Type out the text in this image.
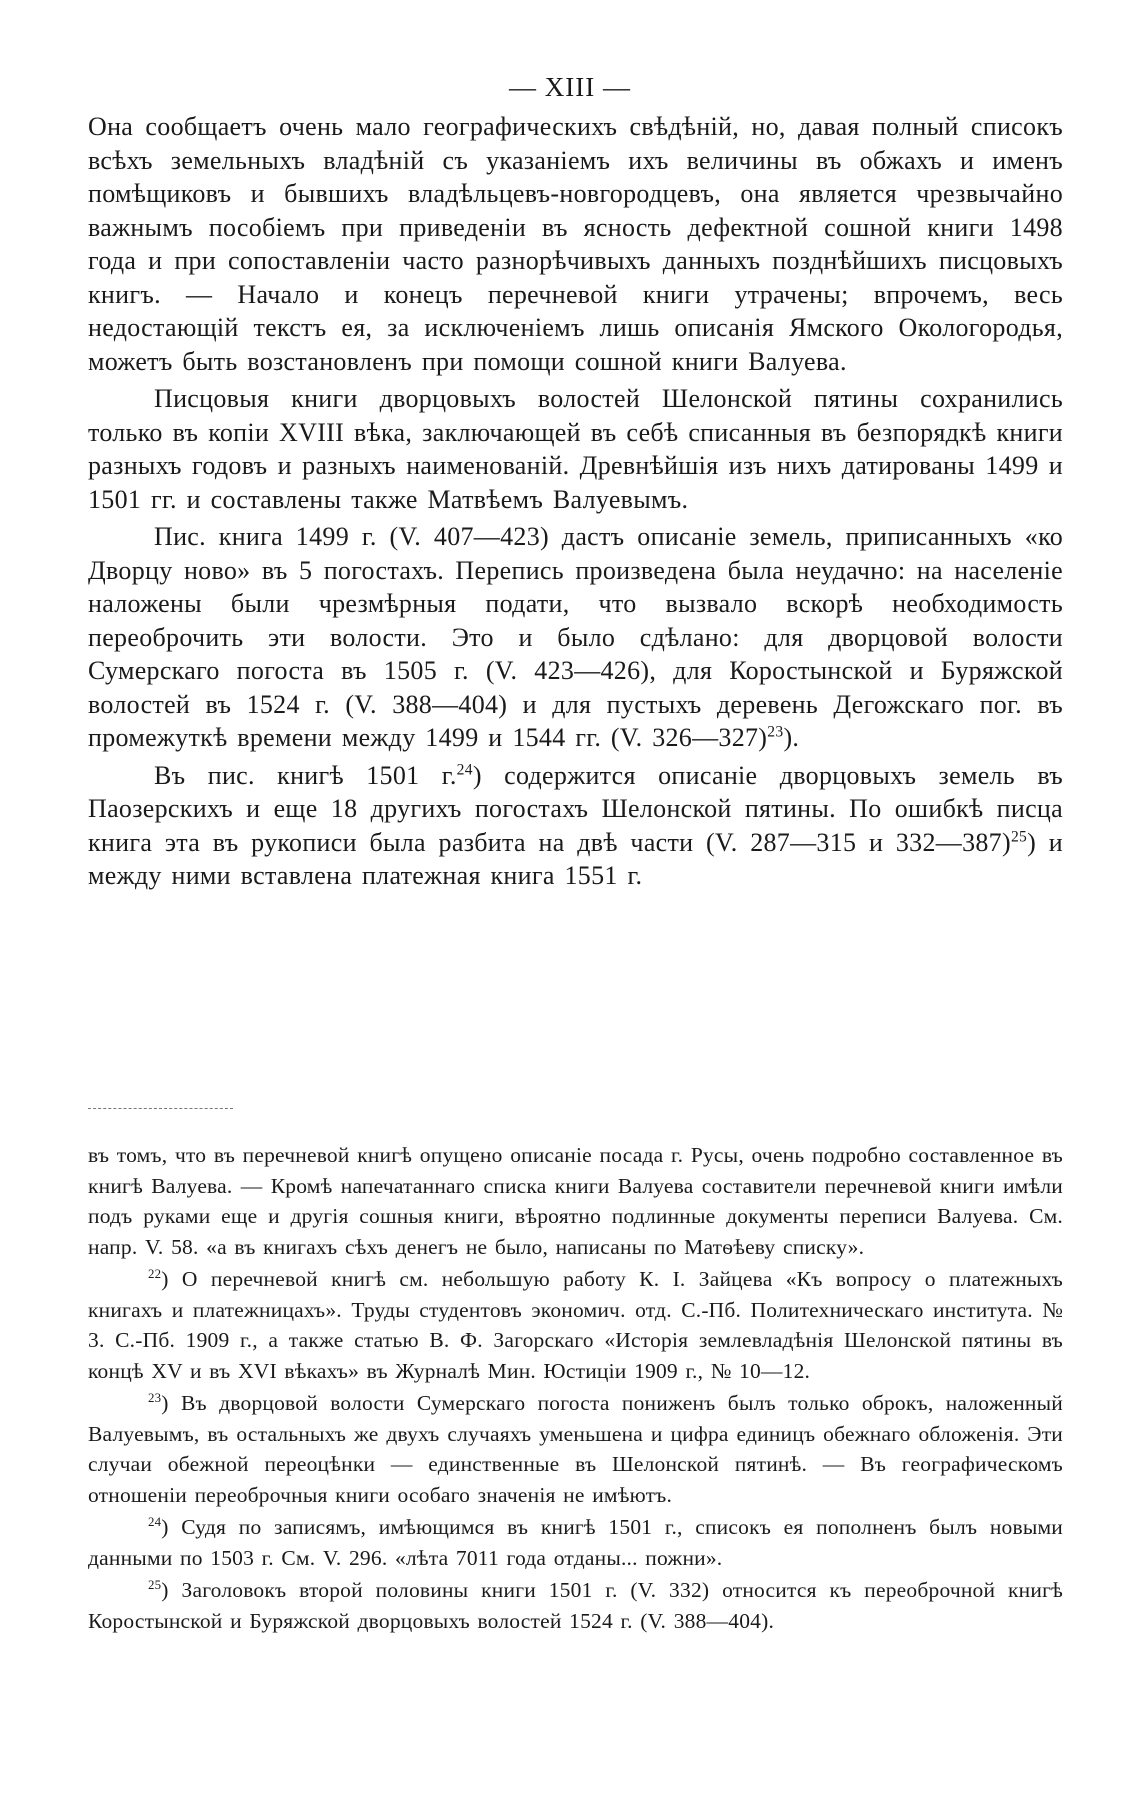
— XIII —

Она сообщаетъ очень мало географическихъ свѣдѣній, но, давая полный списокъ всѣхъ земельныхъ владѣній съ указаніемъ ихъ величины въ обжахъ и именъ помѣщиковъ и бывшихъ владѣльцевъ-новгородцевъ, она является чрезвычайно важнымъ пособіемъ при приведеніи въ ясность дефектной сошной книги 1498 года и при сопоставленіи часто разнорѣчивыхъ данныхъ позднѣйшихъ писцовыхъ книгъ. — Начало и конецъ перечневой книги утрачены; впрочемъ, весь недостающій текстъ ея, за исключеніемъ лишь описанія Ямского Окологородья, можетъ быть возстановленъ при помощи сошной книги Валуева.

Писцовыя книги дворцовыхъ волостей Шелонской пятины сохранились только въ копіи XVIII вѣка, заключающей въ себѣ списанныя въ безпорядкѣ книги разныхъ годовъ и разныхъ наименованій. Древнѣйшія изъ нихъ датированы 1499 и 1501 гг. и составлены также Матвѣемъ Валуевымъ.

Пис. книга 1499 г. (V. 407—423) дастъ описаніе земель, приписанныхъ «ко Дворцу ново» въ 5 погостахъ. Перепись произведена была неудачно: на населеніе наложены были чрезмѣрныя подати, что вызвало вскорѣ необходимость переоброчить эти волости. Это и было сдѣлано: для дворцовой волости Сумерскаго погоста въ 1505 г. (V. 423—426), для Коростынской и Буряжской волостей въ 1524 г. (V. 388—404) и для пустыхъ деревень Дегожскаго пог. въ промежуткѣ времени между 1499 и 1544 гг. (V. 326—327)$^{23}$).

Въ пис. книгѣ 1501 г.$^{24}$) содержится описаніе дворцовыхъ земель въ Паозерскихъ и еще 18 другихъ погостахъ Шелонской пятины. По ошибкѣ писца книга эта въ рукописи была разбита на двѣ части (V. 287—315 и 332—387)$^{25}$) и между ними вставлена платежная книга 1551 г.

въ томъ, что въ перечневой книгѣ опущено описаніе посада г. Русы, очень подробно составленное въ книгѣ Валуева. — Кромѣ напечатаннаго списка книги Валуева составители перечневой книги имѣли подъ руками еще и другія сошныя книги, вѣроятно подлинные документы переписи Валуева. См. напр. V. 58. «а въ книгахъ сѣхъ денегъ не было, написаны по Матѳѣеву списку».

$^{22}$) О перечневой книгѣ см. небольшую работу К. І. Зайцева «Къ вопросу о платежныхъ книгахъ и платежницахъ». Труды студентовъ экономич. отд. С.-Пб. Политехническаго института. № 3. С.-Пб. 1909 г., а также статью В. Ф. Загорскаго «Исторія землевладѣнія Шелонской пятины въ концѣ XV и въ XVI вѣкахъ» въ Журналѣ Мин. Юстиціи 1909 г., № 10—12.

$^{23}$) Въ дворцовой волости Сумерскаго погоста пониженъ былъ только оброкъ, наложенный Валуевымъ, въ остальныхъ же двухъ случаяхъ уменьшена и цифра единицъ обежнаго обложенія. Эти случаи обежной переоцѣнки — единственные въ Шелонской пятинѣ. — Въ географическомъ отношеніи переоброчныя книги особаго значенія не имѣютъ.

$^{24}$) Судя по записямъ, имѣющимся въ книгѣ 1501 г., списокъ ея пополненъ былъ новыми данными по 1503 г. См. V. 296. «лѣта 7011 года отданы... пожни».

$^{25}$) Заголовокъ второй половины книги 1501 г. (V. 332) относится къ переоброчной книгѣ Коростынской и Буряжской дворцовыхъ волостей 1524 г. (V. 388—404).
